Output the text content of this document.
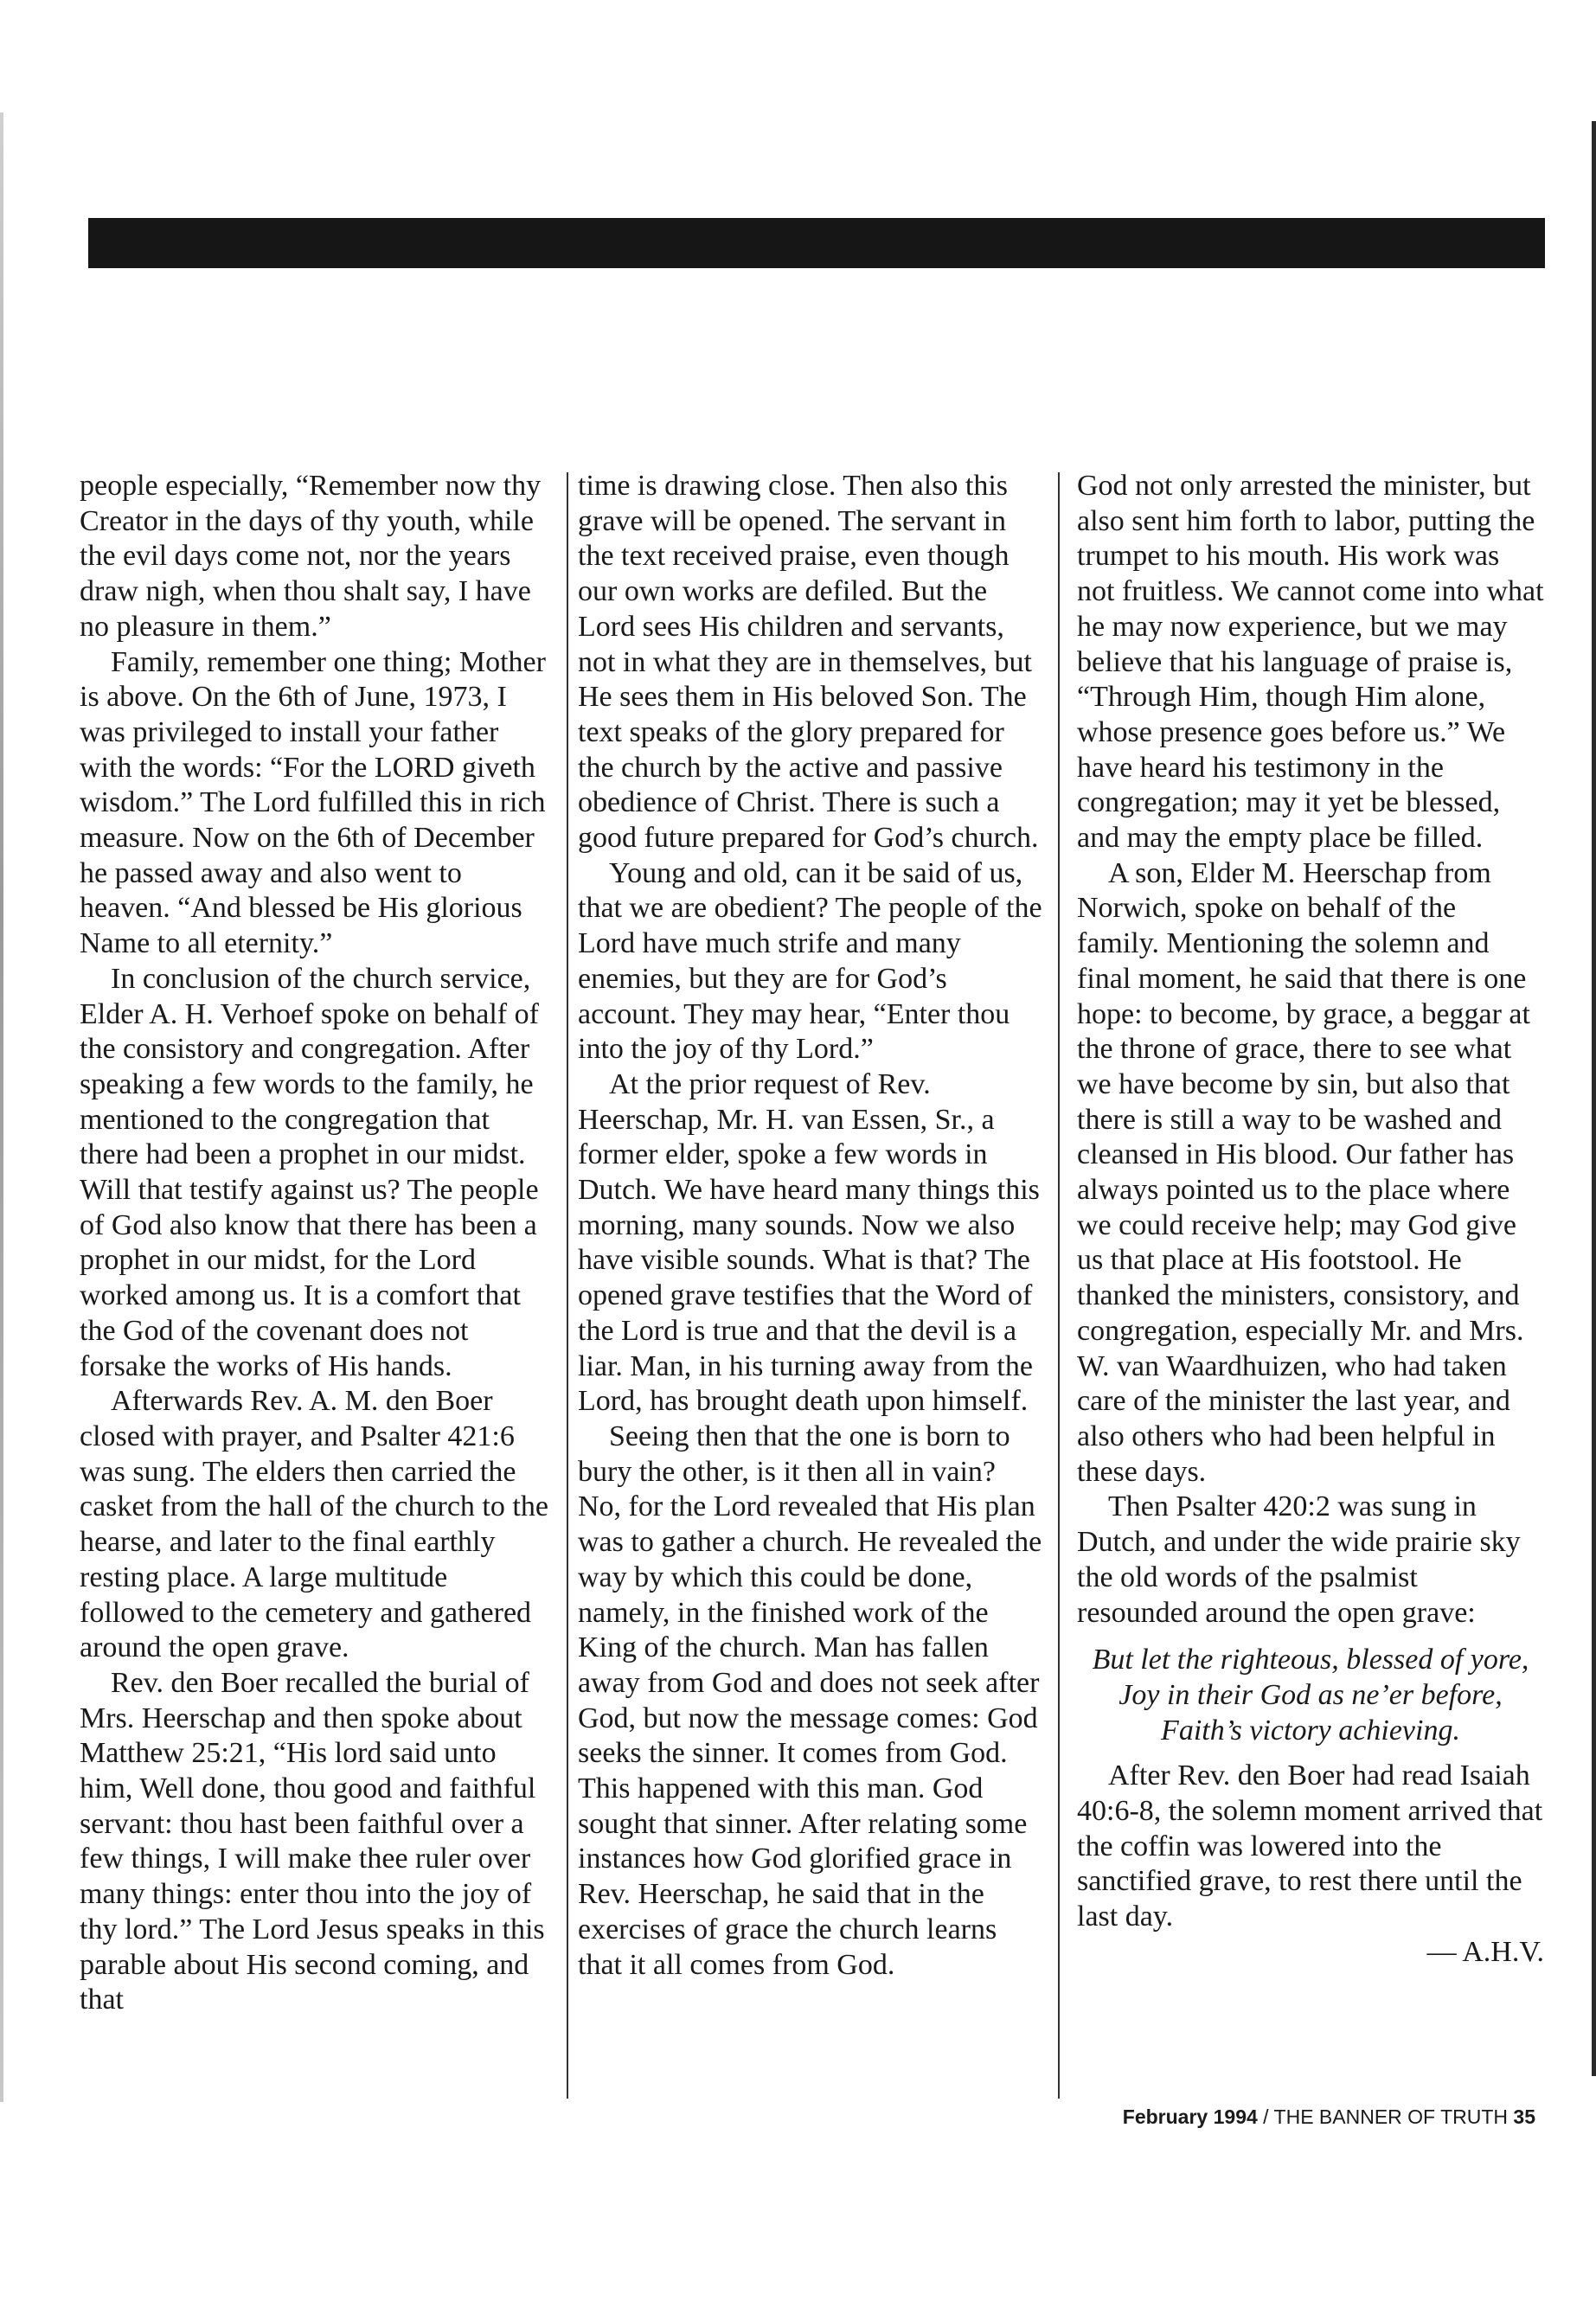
people especially, “Remember now thy Creator in the days of thy youth, while the evil days come not, nor the years draw nigh, when thou shalt say, I have no pleasure in them.”

Family, remember one thing; Mother is above. On the 6th of June, 1973, I was privileged to install your father with the words: “For the LORD giveth wisdom.” The Lord fulfilled this in rich measure. Now on the 6th of December he passed away and also went to heaven. “And blessed be His glorious Name to all eternity.”

In conclusion of the church service, Elder A. H. Verhoef spoke on behalf of the consistory and congregation. After speaking a few words to the family, he mentioned to the congregation that there had been a prophet in our midst. Will that testify against us? The people of God also know that there has been a prophet in our midst, for the Lord worked among us. It is a comfort that the God of the covenant does not forsake the works of His hands.

Afterwards Rev. A. M. den Boer closed with prayer, and Psalter 421:6 was sung. The elders then carried the casket from the hall of the church to the hearse, and later to the final earthly resting place. A large multitude followed to the cemetery and gathered around the open grave.

Rev. den Boer recalled the burial of Mrs. Heerschap and then spoke about Matthew 25:21, “His lord said unto him, Well done, thou good and faithful servant: thou hast been faithful over a few things, I will make thee ruler over many things: enter thou into the joy of thy lord.” The Lord Jesus speaks in this parable about His second coming, and that

time is drawing close. Then also this grave will be opened. The servant in the text received praise, even though our own works are defiled. But the Lord sees His children and servants, not in what they are in themselves, but He sees them in His beloved Son. The text speaks of the glory prepared for the church by the active and passive obedience of Christ. There is such a good future prepared for God’s church.

Young and old, can it be said of us, that we are obedient? The people of the Lord have much strife and many enemies, but they are for God’s account. They may hear, “Enter thou into the joy of thy Lord.”

At the prior request of Rev. Heerschap, Mr. H. van Essen, Sr., a former elder, spoke a few words in Dutch. We have heard many things this morning, many sounds. Now we also have visible sounds. What is that? The opened grave testifies that the Word of the Lord is true and that the devil is a liar. Man, in his turning away from the Lord, has brought death upon himself.

Seeing then that the one is born to bury the other, is it then all in vain? No, for the Lord revealed that His plan was to gather a church. He revealed the way by which this could be done, namely, in the finished work of the King of the church. Man has fallen away from God and does not seek after God, but now the message comes: God seeks the sinner. It comes from God. This happened with this man. God sought that sinner. After relating some instances how God glorified grace in Rev. Heerschap, he said that in the exercises of grace the church learns that it all comes from God.

God not only arrested the minister, but also sent him forth to labor, putting the trumpet to his mouth. His work was not fruitless. We cannot come into what he may now experience, but we may believe that his language of praise is, “Through Him, though Him alone, whose presence goes before us.” We have heard his testimony in the congregation; may it yet be blessed, and may the empty place be filled.

A son, Elder M. Heerschap from Norwich, spoke on behalf of the family. Mentioning the solemn and final moment, he said that there is one hope: to become, by grace, a beggar at the throne of grace, there to see what we have become by sin, but also that there is still a way to be washed and cleansed in His blood. Our father has always pointed us to the place where we could receive help; may God give us that place at His footstool. He thanked the ministers, consistory, and congregation, especially Mr. and Mrs. W. van Waardhuizen, who had taken care of the minister the last year, and also others who had been helpful in these days.

Then Psalter 420:2 was sung in Dutch, and under the wide prairie sky the old words of the psalmist resounded around the open grave:

But let the righteous, blessed of yore,
Joy in their God as ne’er before,
Faith’s victory achieving.

After Rev. den Boer had read Isaiah 40:6-8, the solemn moment arrived that the coffin was lowered into the sanctified grave, to rest there until the last day.

— A.H.V.

February 1994 / THE BANNER OF TRUTH 35
